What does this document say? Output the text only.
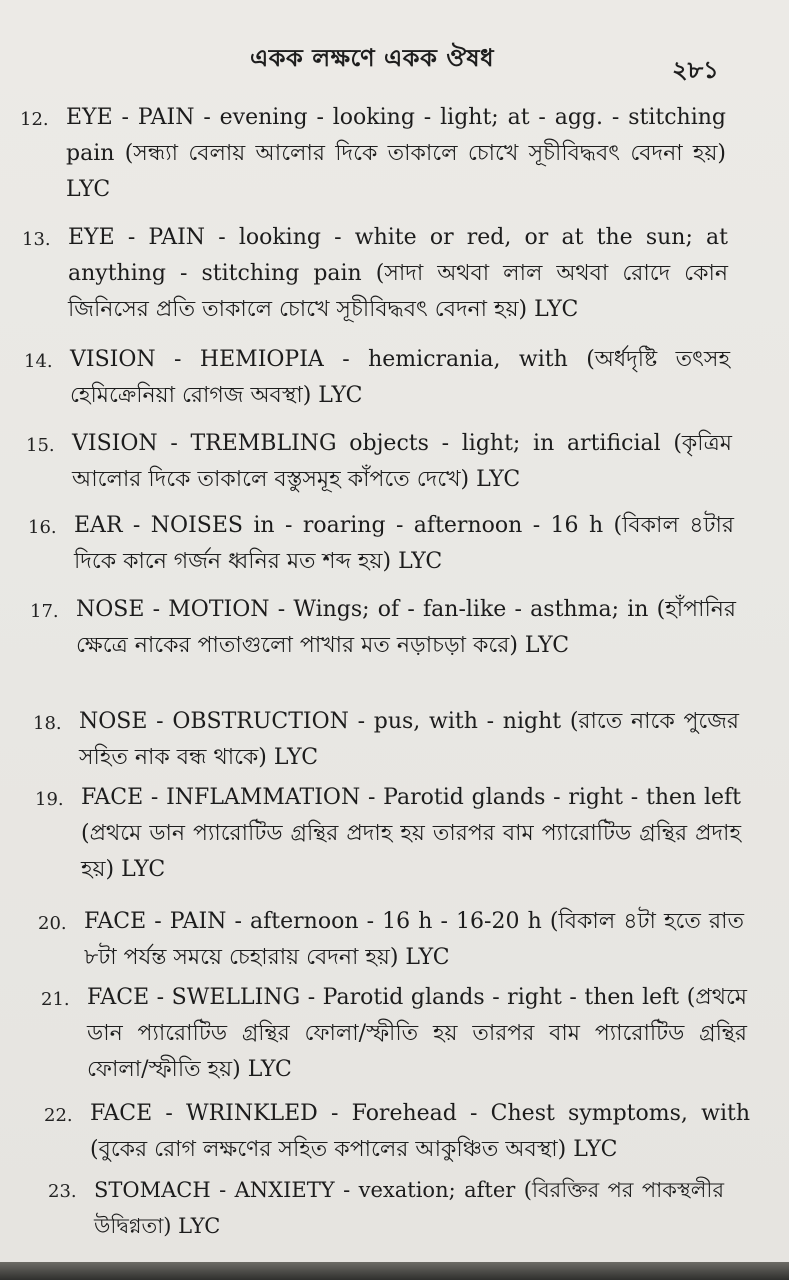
একক লক্ষণে একক ঔষধ	২৮১
12. EYE - PAIN - evening - looking - light; at - agg. - stitching pain (সন্ধ্যা বেলায় আলোর দিকে তাকালে চোখে সূচীবিদ্ধবৎ বেদনা হয়) LYC
13. EYE - PAIN - looking - white or red, or at the sun; at anything - stitching pain (সাদা অথবা লাল অথবা রোদে কোন জিনিসের প্রতি তাকালে চোখে সূচীবিদ্ধবৎ বেদনা হয়) LYC
14. VISION - HEMIOPIA - hemicrania, with (অর্ধদৃষ্টি তৎসহ হেমিক্রেনিয়া রোগজ অবস্থা) LYC
15. VISION - TREMBLING objects - light; in artificial (কৃত্রিম আলোর দিকে তাকালে বস্তুসমূহ কাঁপতে দেখে) LYC
16. EAR - NOISES in - roaring - afternoon - 16 h (বিকাল ৪টার দিকে কানে গর্জন ধ্বনির মত শব্দ হয়) LYC
17. NOSE - MOTION - Wings; of - fan-like - asthma; in (হাঁপানির ক্ষেত্রে নাকের পাতাগুলো পাখার মত নড়াচড়া করে) LYC
18. NOSE - OBSTRUCTION - pus, with - night (রাতে নাকে পুজের সহিত নাক বন্ধ থাকে) LYC
19. FACE - INFLAMMATION - Parotid glands - right - then left (প্রথমে ডান প্যারোটিড গ্রন্থির প্রদাহ হয় তারপর বাম প্যারোটিড গ্রন্থির প্রদাহ হয়) LYC
20. FACE - PAIN - afternoon - 16 h - 16-20 h (বিকাল ৪টা হতে রাত ৮টা পর্যন্ত সময়ে চেহারায় বেদনা হয়) LYC
21. FACE - SWELLING - Parotid glands - right - then left (প্রথমে ডান প্যারোটিড গ্রন্থির ফোলা/স্ফীতি হয় তারপর বাম প্যারোটিড গ্রন্থির ফোলা/স্ফীতি হয়) LYC
22. FACE - WRINKLED - Forehead - Chest symptoms, with (বুকের রোগ লক্ষণের সহিত কপালের আকুঞ্চিত অবস্থা) LYC
23. STOMACH - ANXIETY - vexation; after (বিরক্তির পর পাকস্থলীর উদ্বিগ্নতা) LYC
